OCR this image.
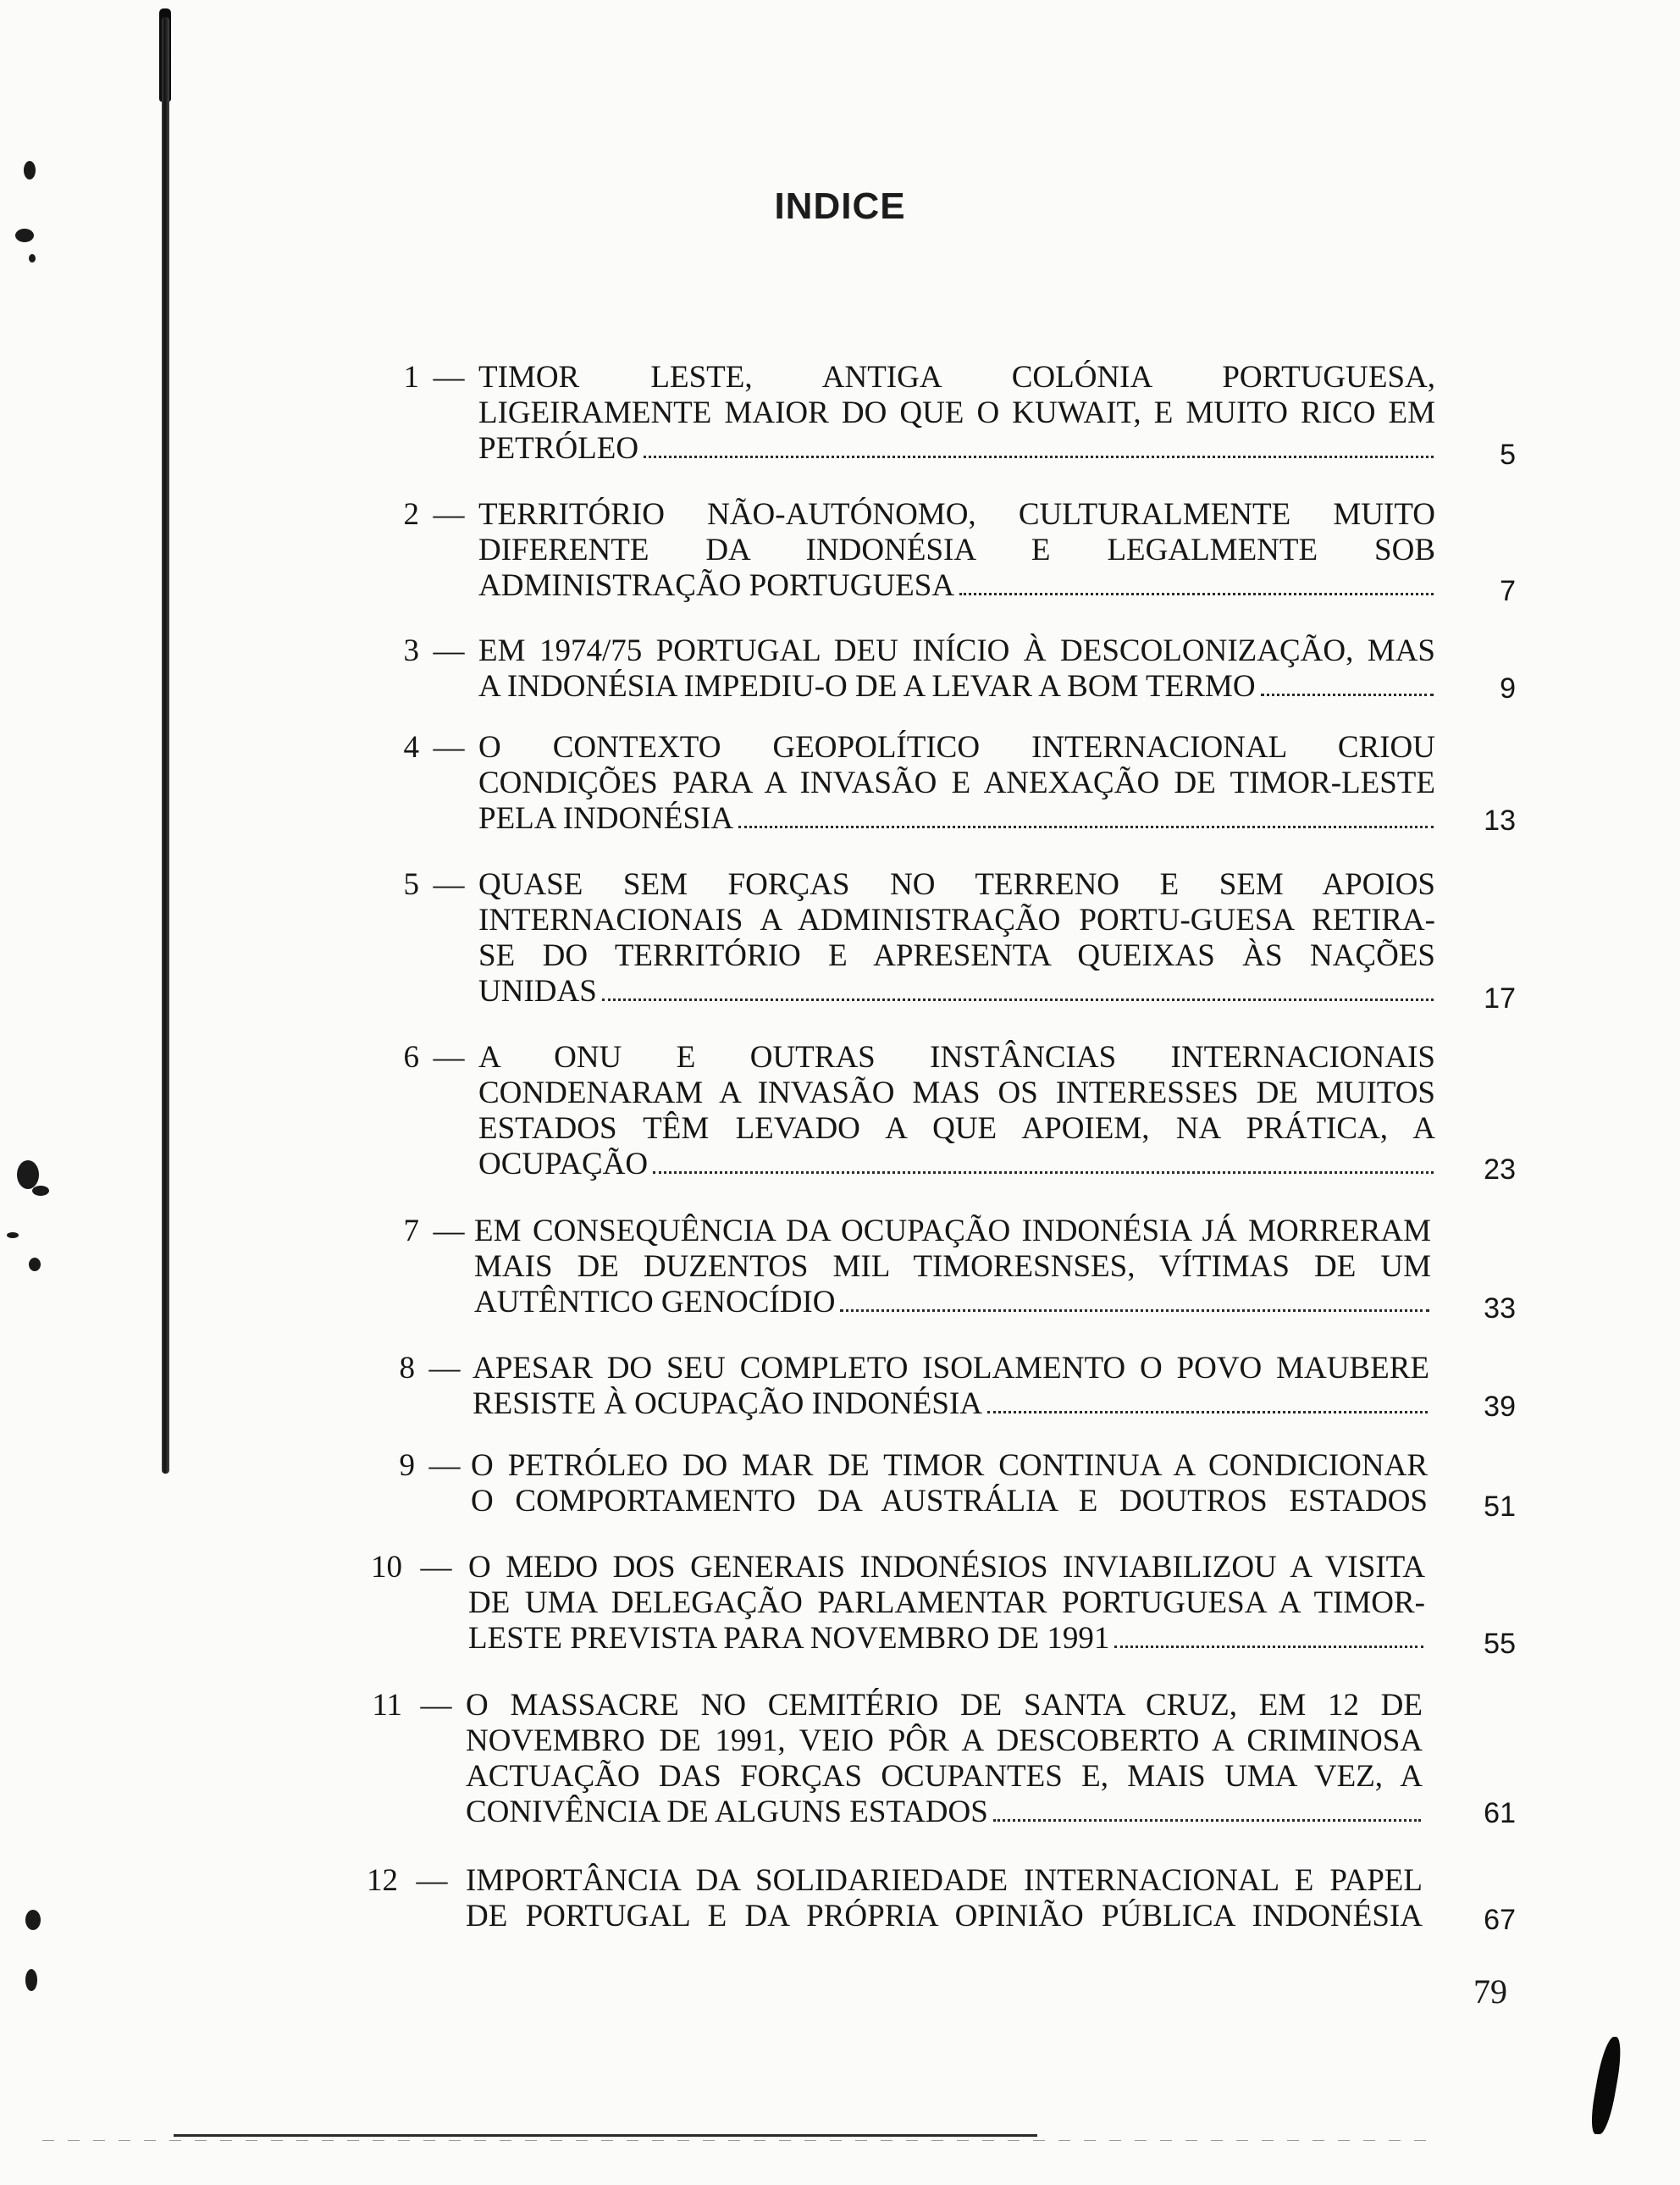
INDICE
1 — TIMOR LESTE, ANTIGA COLÓNIA PORTUGUESA,
LIGEIRAMENTE MAIOR DO QUE O KUWAIT, E MUITO RICO EM
PETRÓLEO	5
2 — TERRITÓRIO NÃO-AUTÓNOMO, CULTURALMENTE MUITO
DIFERENTE DA INDONÉSIA E LEGALMENTE SOB
ADMINISTRAÇÃO PORTUGUESA	7
3 — EM 1974/75 PORTUGAL DEU INÍCIO À DESCOLONIZAÇÃO, MAS
A INDONÉSIA IMPEDIU-O DE A LEVAR A BOM TERMO	9
4 — O CONTEXTO GEOPOLÍTICO INTERNACIONAL CRIOU
CONDIÇÕES PARA A INVASÃO E ANEXAÇÃO DE TIMOR-LESTE
PELA INDONÉSIA	13
5 — QUASE SEM FORÇAS NO TERRENO E SEM APOIOS
INTERNACIONAIS A ADMINISTRAÇÃO PORTU-GUESA RETIRA-
SE DO TERRITÓRIO E APRESENTA QUEIXAS ÀS NAÇÕES
UNIDAS	17
6 — A ONU E OUTRAS INSTÂNCIAS INTERNACIONAIS
CONDENARAM A INVASÃO MAS OS INTERESSES DE MUITOS
ESTADOS TÊM LEVADO A QUE APOIEM, NA PRÁTICA, A
OCUPAÇÃO	23
7 — EM CONSEQUÊNCIA DA OCUPAÇÃO INDONÉSIA JÁ MORRERAM
MAIS DE DUZENTOS MIL TIMORESNSES, VÍTIMAS DE UM
AUTÊNTICO GENOCÍDIO	33
8 — APESAR DO SEU COMPLETO ISOLAMENTO O POVO MAUBERE
RESISTE À OCUPAÇÃO INDONÉSIA	39
9 — O PETRÓLEO DO MAR DE TIMOR CONTINUA A CONDICIONAR
O COMPORTAMENTO DA AUSTRÁLIA E DOUTROS ESTADOS	51
10 — O MEDO DOS GENERAIS INDONÉSIOS INVIABILIZOU A VISITA
DE UMA DELEGAÇÃO PARLAMENTAR PORTUGUESA A TIMOR-
LESTE PREVISTA PARA NOVEMBRO DE 1991	55
11 — O MASSACRE NO CEMITÉRIO DE SANTA CRUZ, EM 12 DE
NOVEMBRO DE 1991, VEIO PÔR A DESCOBERTO A CRIMINOSA
ACTUAÇÃO DAS FORÇAS OCUPANTES E, MAIS UMA VEZ, A
CONIVÊNCIA DE ALGUNS ESTADOS	61
12 — IMPORTÂNCIA DA SOLIDARIEDADE INTERNACIONAL E PAPEL
DE PORTUGAL E DA PRÓPRIA OPINIÃO PÚBLICA INDONÉSIA	67
79
